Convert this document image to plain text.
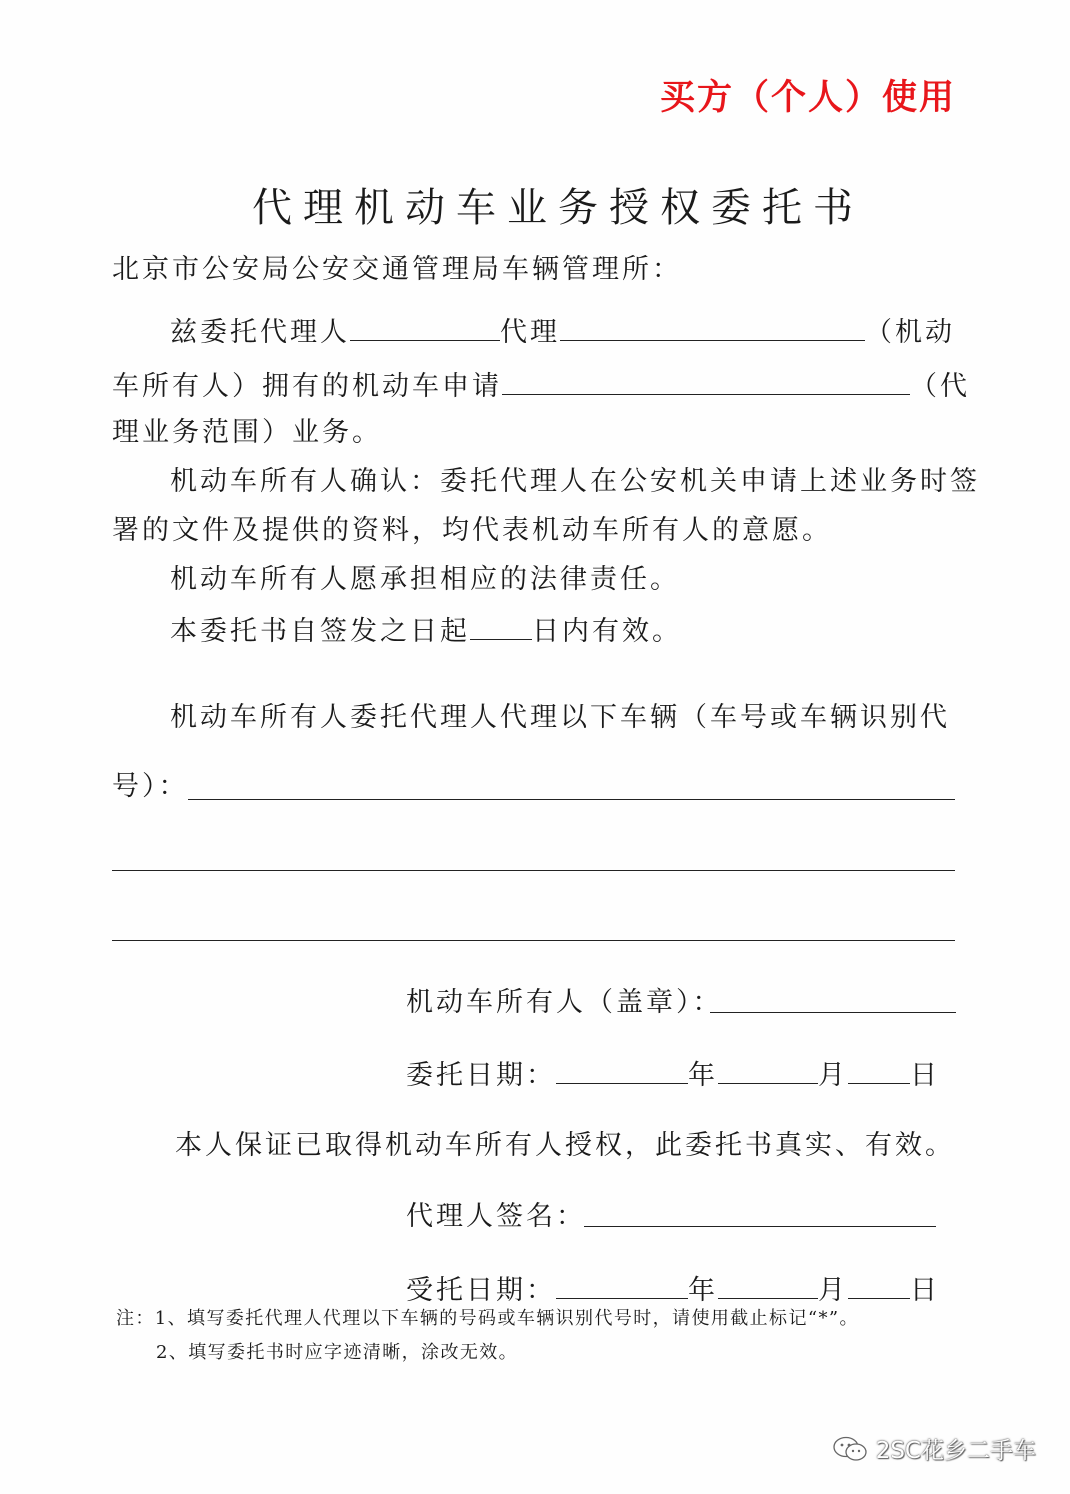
买方（个人）使用
代理机动车业务授权委托书
北京市公安局公安交通管理局车辆管理所：
兹委托代理人	代理	（机动
车所有人）拥有的机动车申请	（代
理业务范围）业务。
机动车所有人确认：委托代理人在公安机关申请上述业务时签
署的文件及提供的资料，均代表机动车所有人的意愿。
机动车所有人愿承担相应的法律责任。
本委托书自签发之日起 日内有效。
机动车所有人委托代理人代理以下车辆（车号或车辆识别代
号）：
机动车所有人（盖章）：
委托日期：	年	月 日
本人保证已取得机动车所有人授权，此委托书真实、有效。
代理人签名：
受托日期：	年	月 日
注：1、填写委托代理人代理以下车辆的号码或车辆识别代号时，请使用截止标记“*”。
2、填写委托书时应字迹清晰，涂改无效。
2SC花乡二手车
